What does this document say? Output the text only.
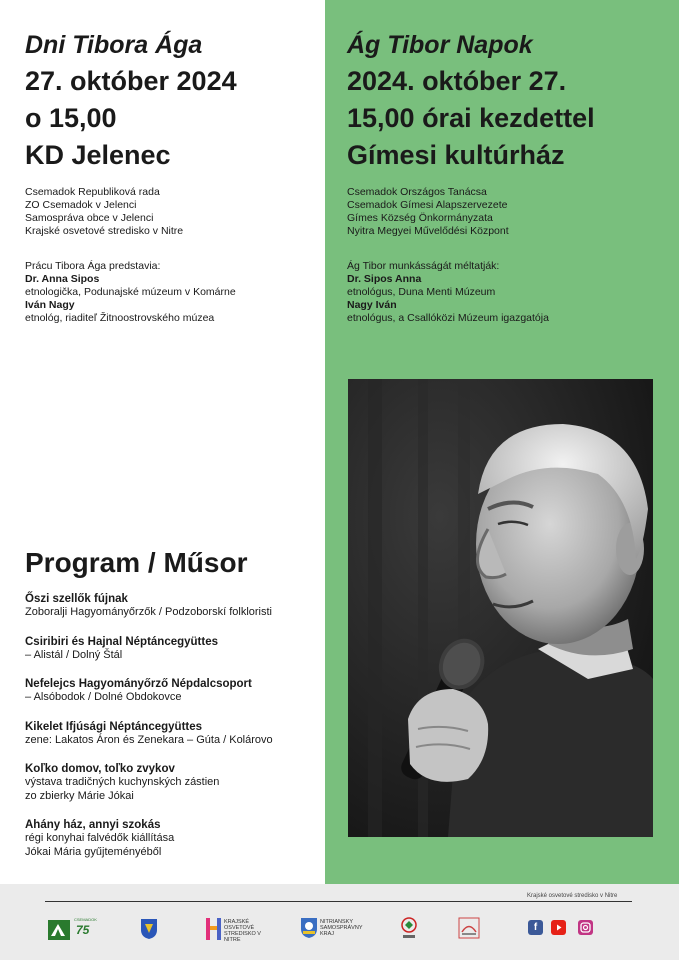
Dni Tibora Ága
27. október 2024
o 15,00
KD Jelenec
Csemadok Republiková rada
ZO Csemadok v Jelenci
Samospráva obce v Jelenci
Krajské osvetové stredisko v Nitre
Prácu Tibora Ága predstavia:
Dr. Anna Sipos
etnologička, Podunajské múzeum v Komárne
Iván Nagy
etnológ, riaditeľ Žitnoostrovského múzea
Ág Tibor Napok
2024. október 27.
15,00 órai kezdettel
Gímesi kultúrház
Csemadok Országos Tanácsa
Csemadok Gímesi Alapszervezete
Gímes Község Önkormányzata
Nyitra Megyei Művelődési Központ
Ág Tibor munkásságát méltatják:
Dr. Sipos Anna
etnológus, Duna Menti Múzeum
Nagy Iván
etnológus, a Csallóközi Múzeum igazgatója
Program / Műsor
Őszi szellők fújnak
Zoboralji Hagyományőrzők / Podzoborskí folkloristi
Csiribiri és Hajnal Néptáncegyüttes
– Alistál / Dolný Štál
Nefelejcs Hagyományőrző Népdalcsoport
– Alsóbodok / Dolné Obdokovce
Kikelet Ifjúsági Néptáncegyüttes
zene: Lakatos Áron és Zenekara – Gúta / Kolárovo
Koľko domov, toľko zvykov
výstava tradičných kuchynských zástien
zo zbierky Márie Jókai
Ahány ház, annyi szokás
régi konyhai falvédők kiállítása
Jókai Mária gyűjteményéből
CSEMADOK
75
KRAJSKÉ OSVETOVÉ STREDISKO V NITRE
NITRIANSKY SAMOSPRÁVNY KRAJ
Krajské osvetové stredisko v Nitre
f
